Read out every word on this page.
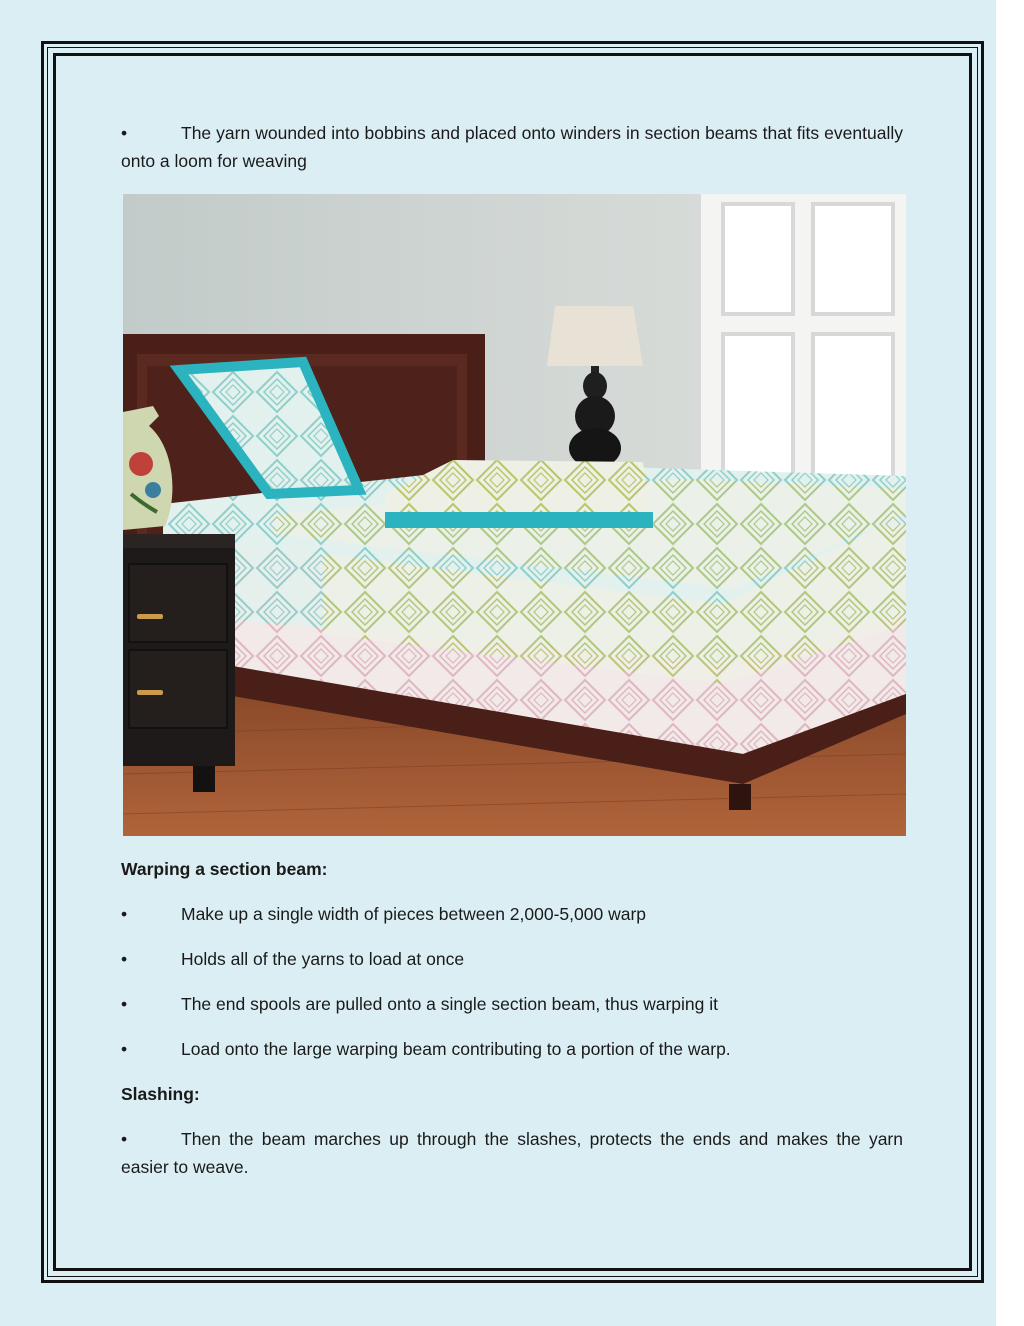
•	The yarn wounded into bobbins and placed onto winders in section beams that fits eventually onto a loom for weaving
Warping a section beam:
•	Make up a single width of pieces between 2,000-5,000 warp
•	Holds all of the yarns to load at once
•	The end spools are pulled onto a single section beam, thus warping it
•	Load onto the large warping beam contributing to a portion of the warp.
Slashing:
•	Then the beam marches up through the slashes, protects the ends and makes the yarn easier to weave.
